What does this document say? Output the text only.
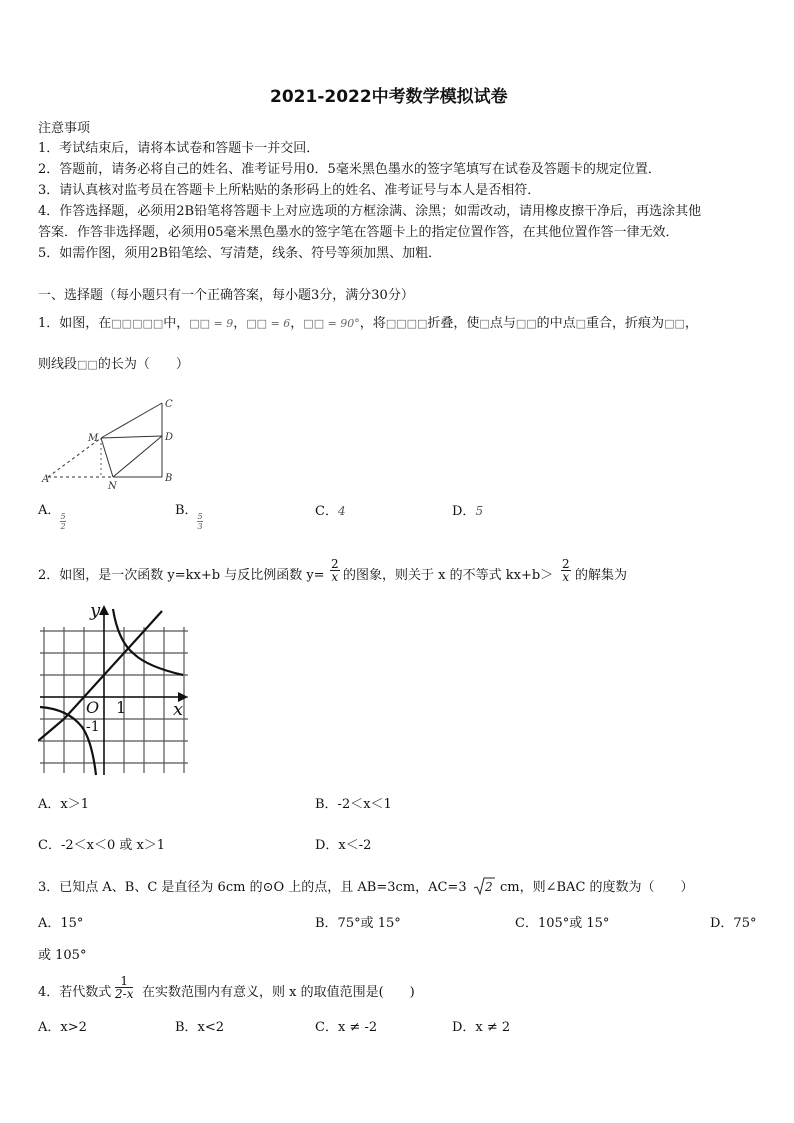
2021-2022中考数学模拟试卷
注意事项
1．考试结束后，请将本试卷和答题卡一并交回．
2．答题前，请务必将自己的姓名、准考证号用0．5毫米黑色墨水的签字笔填写在试卷及答题卡的规定位置．
3．请认真核对监考员在答题卡上所粘贴的条形码上的姓名、准考证号与本人是否相符．
4．作答选择题，必须用2B铅笔将答题卡上对应选项的方框涂满、涂黑；如需改动，请用橡皮擦干净后，再选涂其他
答案．作答非选择题，必须用05毫米黑色墨水的签字笔在答题卡上的指定位置作答，在其他位置作答一律无效．
5．如需作图，须用2B铅笔绘、写清楚，线条、符号等须加黑、加粗．
一、选择题（每小题只有一个正确答案，每小题3分，满分30分）
1．如图，在□□□□□中，□□ = 9，□□ = 6，□□ = 90°，将□□□□折叠，使□点与□□的中点□重合，折痕为□□，
则线段□□的长为（　　）
C
D
B
M
N
A
A． 5
2
B． 5
3
C．4	D．5
2．如图，是一次函数 y=kx+b 与反比例函数 $y= \frac{2}{x}$ 的图象，则关于 x 的不等式 $kx+b> \frac{2}{x}$ 的解集为
y
x
O 1
-1
A．x＞1	B．-2＜x＜1
C．-2＜x＜0 或 x＞1	D．x＜-2
3．已知点 A、B、C 是直径为 6cm 的⊙O 上的点，且 AB=3cm，AC=3 2 cm，则∠BAC 的度数为（　　）
A．15°	B．75°或 15°	C．105°或 15°	D．75°
或 105°
4．若代数式 $\frac{1}{2-x}$ 在实数范围内有意义，则 x 的取值范围是(　　)
A．x>2	B．x<2	C．x ≠ -2	D．x ≠ 2
